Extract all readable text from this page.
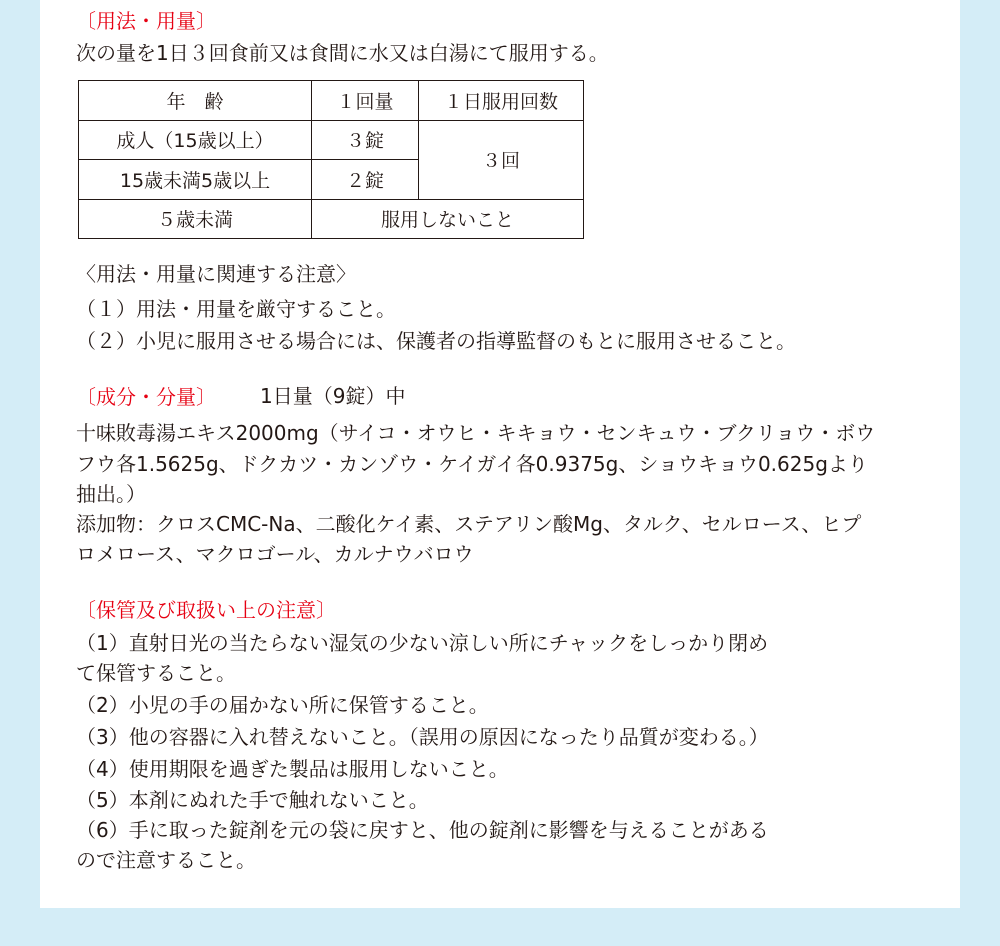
〔用法・用量〕
次の量を1日３回食前又は食間に水又は白湯にて服用する。
年　齢	１回量	１日服用回数
成人（15歳以上）	３錠	３回
15歳未満5歳以上	２錠	
５歳未満	服用しないこと	
〈用法・用量に関連する注意〉
（１）用法・用量を厳守すること。
（２）小児に服用させる場合には、保護者の指導監督のもとに服用させること。
〔成分・分量〕 1日量（9錠）中
十味敗毒湯エキス2000mg（サイコ・オウヒ・キキョウ・センキュウ・ブクリョウ・ボウ
フウ各1.5625g、ドクカツ・カンゾウ・ケイガイ各0.9375g、ショウキョウ0.625gより
抽出。）
添加物：クロスCMC-Na、二酸化ケイ素、ステアリン酸Mg、タルク、セルロース、ヒプ
ロメロース、マクロゴール、カルナウバロウ
〔保管及び取扱い上の注意〕
（1）直射日光の当たらない湿気の少ない涼しい所にチャックをしっかり閉め
て保管すること。
（2）小児の手の届かない所に保管すること。
（3）他の容器に入れ替えないこと。（誤用の原因になったり品質が変わる。）
（4）使用期限を過ぎた製品は服用しないこと。
（5）本剤にぬれた手で触れないこと。
（6）手に取った錠剤を元の袋に戻すと、他の錠剤に影響を与えることがある
ので注意すること。
